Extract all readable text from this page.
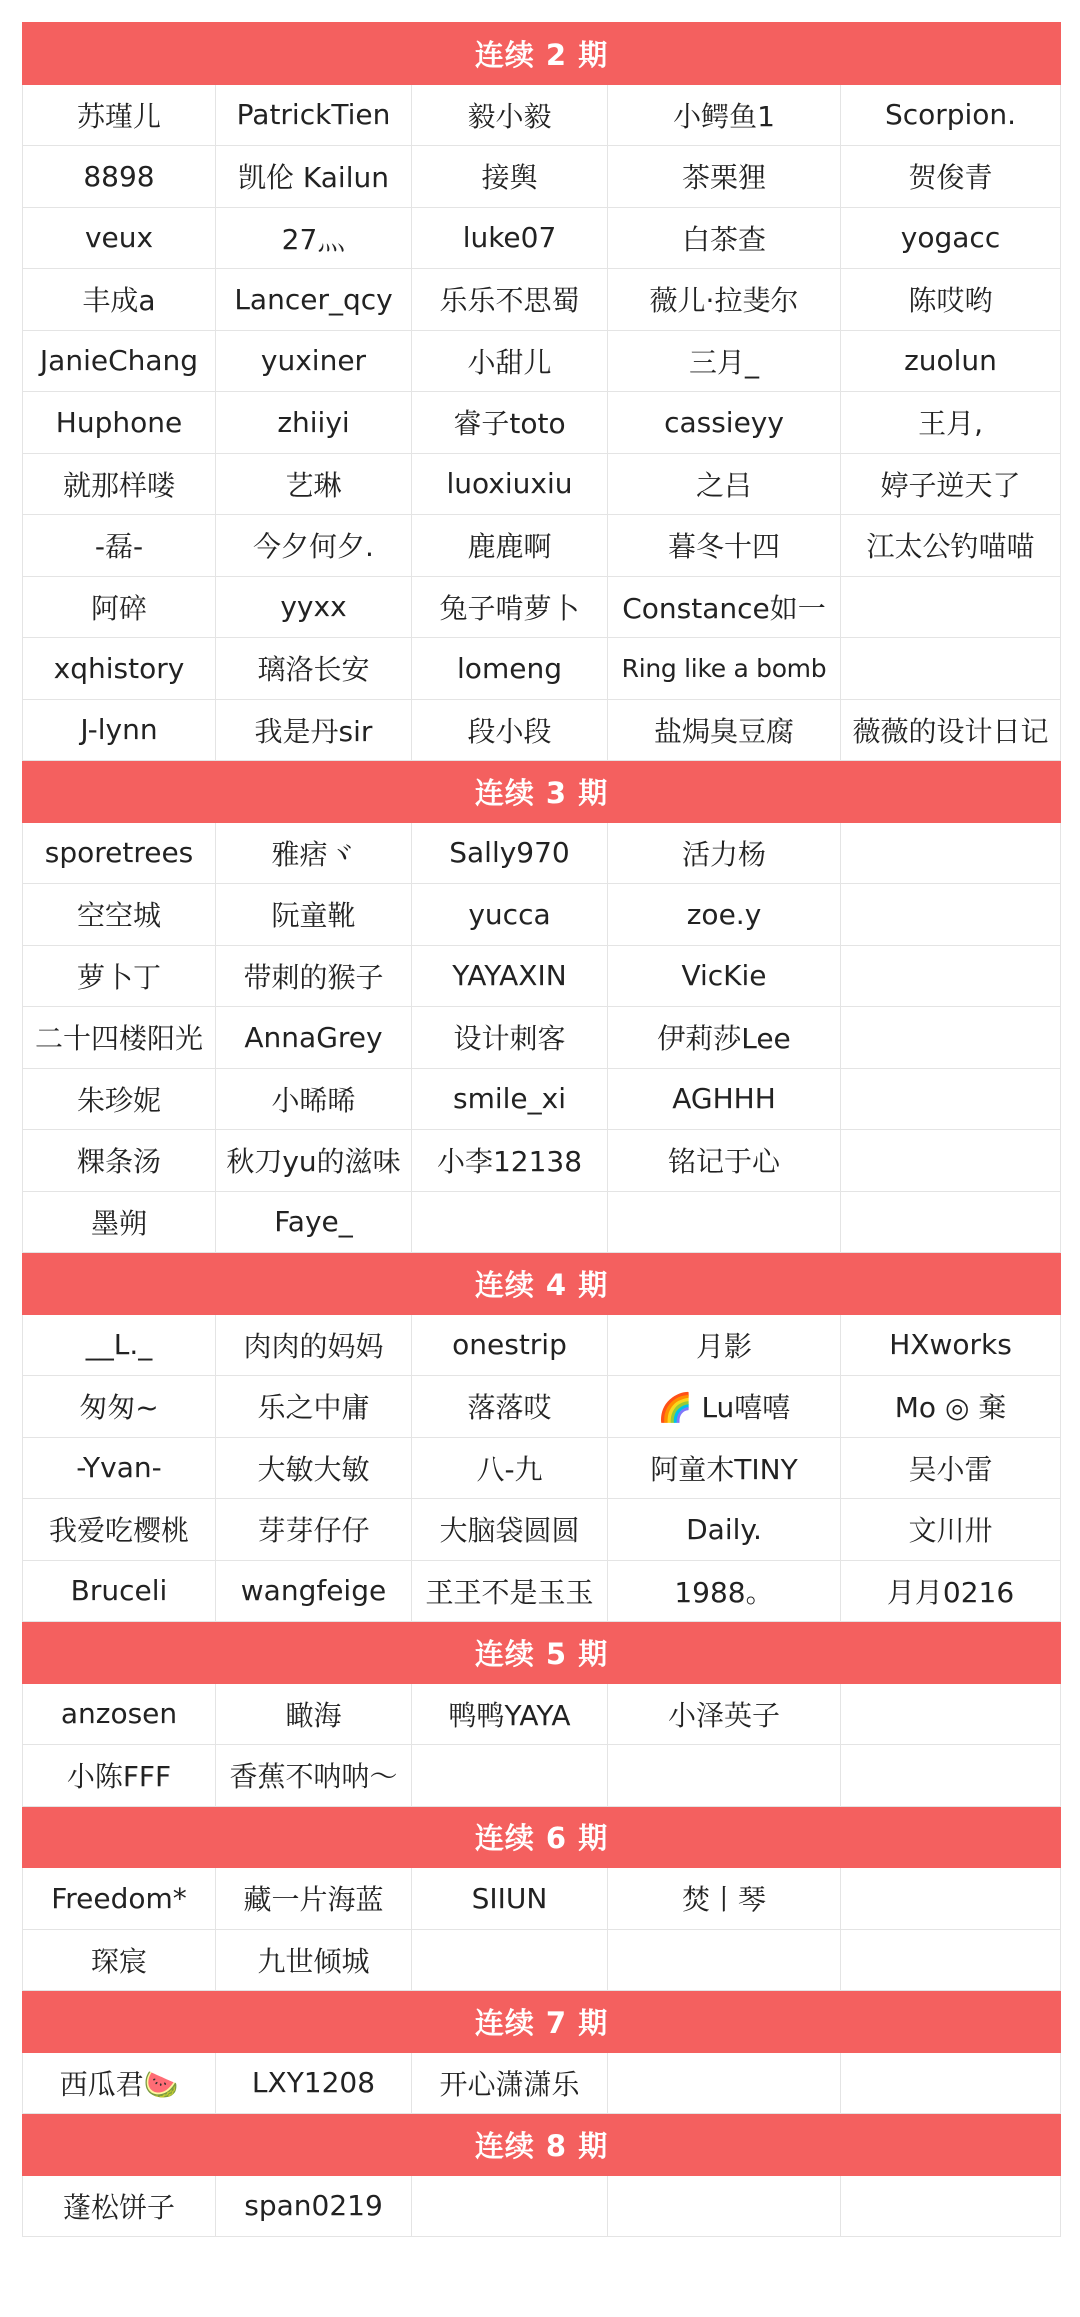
连续 2 期				
苏瑾儿	PatrickTien	毅小毅	小鳄鱼1	Scorpion.
8898	凯伦 Kailun	接舆	茶栗狸	贺俊青
veux	27灬	luke07	白茶查	yogacc
丰成a	Lancer_qcy	乐乐不思蜀	薇儿·拉斐尔	陈哎哟
JanieChang	yuxiner	小甜儿	三月_	zuolun
Huphone	zhiiyi	睿子toto	cassieyy	王月,
就那样喽	艺琳	luoxiuxiu	之吕	婷子逆天了
-磊-	今夕何夕.	鹿鹿啊	暮冬十四	江太公钓喵喵
阿碎	yyxx	兔子啃萝卜	Constance如一	
xqhistory	璃洛长安	lomeng	Ring like a bomb	
J-lynn	我是丹sir	段小段	盐焗臭豆腐	薇薇的设计日记
连续 3 期				
sporetrees	雅痞ヾ	Sally970	活力杨	
空空城	阮童靴	yucca	zoe.y	
萝卜丁	带刺的猴子	YAYAXIN	VicKie	
二十四楼阳光	AnnaGrey	设计刺客	伊莉莎Lee	
朱珍妮	小晞晞	smile_xi	AGHHH	
粿条汤	秋刀yu的滋味	小李12138	铭记于心	
墨朔	Faye_			
连续 4 期				
__L._	肉肉的妈妈	onestrip	月影	HXworks
匆匆~	乐之中庸	落落哎	🌈 Lu嘻嘻	Mo ◎ 棄
-Yvan-	大敏大敏	八-九	阿童木TINY	吴小雷
我爱吃樱桃	芽芽仔仔	大脑袋圆圆	Daily.	文川卅
Bruceli	wangfeige	玊玊不是玉玉	1988。	月月0216
连续 5 期				
anzosen	瞰海	鸭鸭YAYA	小泽英子	
小陈FFF	香蕉不呐呐～			
连续 6 期				
Freedom*	藏一片海蓝	SIIUN	焚丨琴	
琛宸	九世倾城			
连续 7 期				
西瓜君🍉	LXY1208	开心潇潇乐		
连续 8 期				
蓬松饼子	span0219			
